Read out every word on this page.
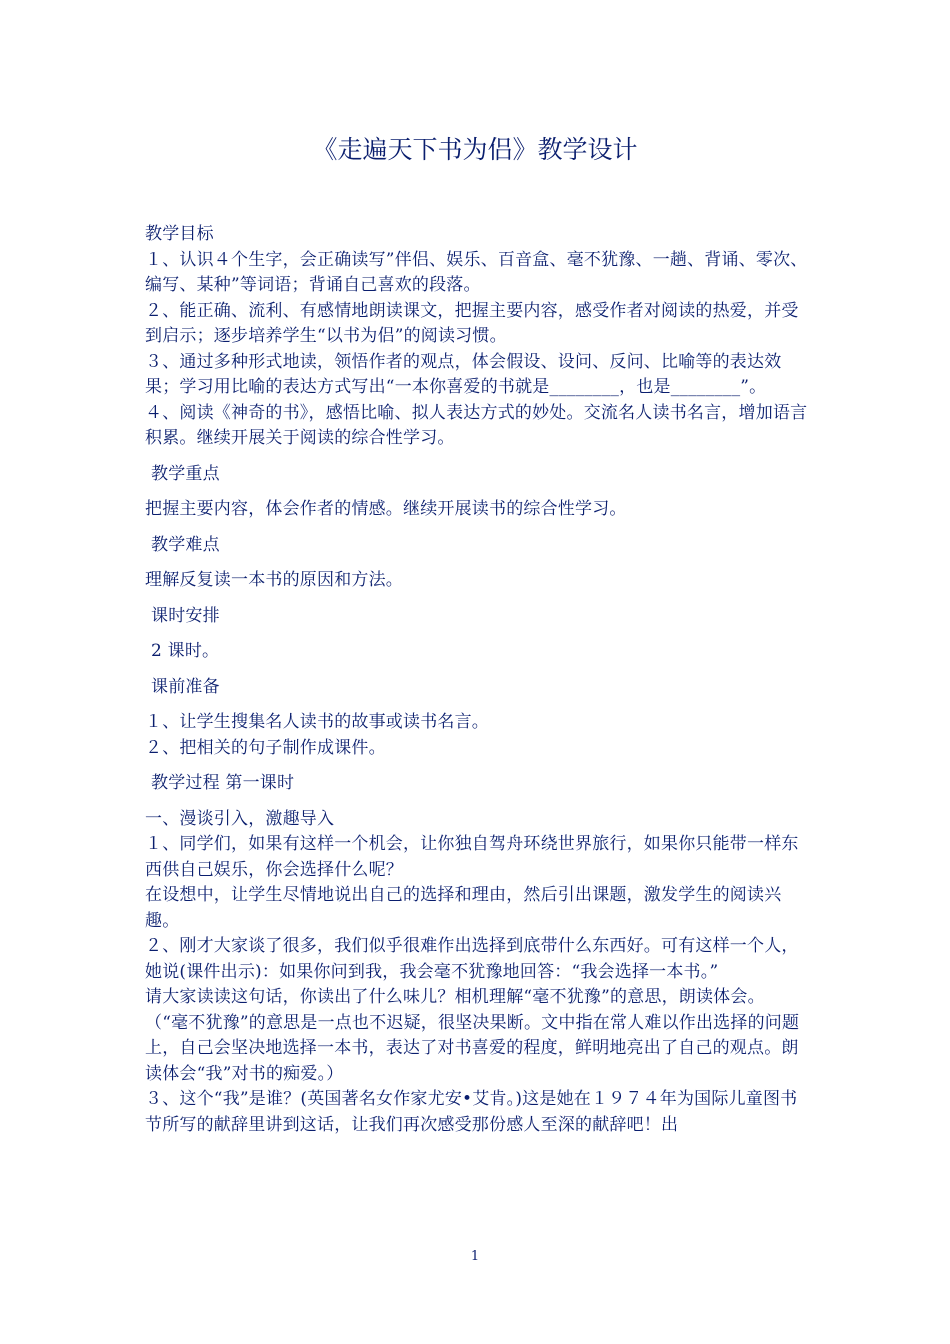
《走遍天下书为侣》教学设计

教学目标

１、认识４个生字，会正确读写”伴侣、娱乐、百音盒、毫不犹豫、一趟、背诵、零次、编写、某种”等词语；背诵自己喜欢的段落。

２、能正确、流利、有感情地朗读课文，把握主要内容，感受作者对阅读的热爱，并受到启示；逐步培养学生“以书为侣”的阅读习惯。

３、通过多种形式地读，领悟作者的观点，体会假设、设问、反问、比喻等的表达效果；学习用比喻的表达方式写出“一本你喜爱的书就是________，也是________”。

４、阅读《神奇的书》，感悟比喻、拟人表达方式的妙处。交流名人读书名言，增加语言积累。继续开展关于阅读的综合性学习。

教学重点

把握主要内容，体会作者的情感。继续开展读书的综合性学习。

教学难点

理解反复读一本书的原因和方法。

课时安排

2 课时。

课前准备

１、让学生搜集名人读书的故事或读书名言。

２、把相关的句子制作成课件。

教学过程 第一课时

一、漫谈引入，激趣导入

１、同学们，如果有这样一个机会，让你独自驾舟环绕世界旅行，如果你只能带一样东西供自己娱乐，你会选择什么呢？

在设想中，让学生尽情地说出自己的选择和理由，然后引出课题，激发学生的阅读兴趣。

２、刚才大家谈了很多，我们似乎很难作出选择到底带什么东西好。可有这样一个人，她说(课件出示)：如果你问到我，我会毫不犹豫地回答：“我会选择一本书。”

请大家读读这句话，你读出了什么味儿？相机理解“毫不犹豫”的意思，朗读体会。

（“毫不犹豫”的意思是一点也不迟疑，很坚决果断。文中指在常人难以作出选择的问题上，自己会坚决地选择一本书，表达了对书喜爱的程度，鲜明地亮出了自己的观点。朗读体会“我”对书的痴爱。）

３、这个“我”是谁？(英国著名女作家尤安•艾肯。)这是她在１９７４年为国际儿童图书节所写的献辞里讲到这话，让我们再次感受那份感人至深的献辞吧！出

1
